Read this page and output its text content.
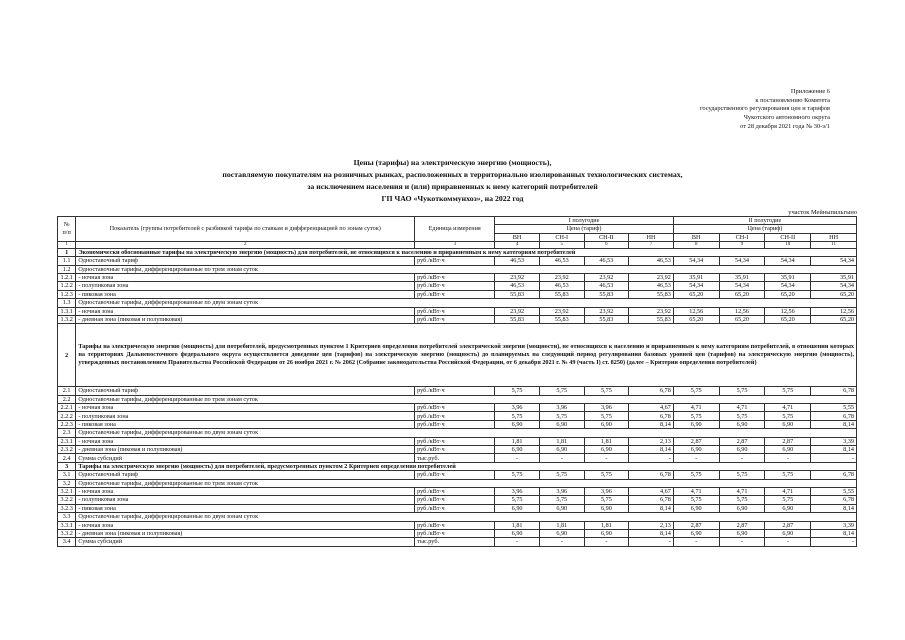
Приложение 6
к постановлению Комитета
государственного регулирования цен и тарифов
Чукотского автономного округа
от 28 декабря 2021 года № 30-э/1
Цены (тарифы) на электрическую энергию (мощность),
поставляемую покупателям на розничных рынках, расположенных в территориально изолированных технологических системах,
за исключением населения и (или) приравненных к нему категорий потребителей
ГП ЧАО «Чукоткоммунхоз», на 2022 год
участок Мейныпильгыно
№
п/п	Показатель (группы потребителей с разбивкой тарифа по ставкам и дифференциацией по зонам суток)	Единица измерения	I полугодие				II полугодие			
			Цена (тариф)				Цена (тариф)			
			ВН	СН-I	СН-II	НН	ВН	СН-I	СН-II	НН
1	2	3	4	5	6	7	8	9	10	11
1	Экономически обоснованные тарифы на электрическую энергию (мощность) для потребителей, не относящихся к населению и приравненным к нему категориям потребителей									
1.1	Одноставочный тариф	руб./кВт·ч	46,53	46,53	46,53	46,53	54,34	54,34	54,34	54,34
1.2	Одноставочные тарифы, дифференцированные по трем зонам суток									
1.2.1	- ночная зона	руб./кВт·ч	23,92	23,92	23,92	23,92	35,91	35,91	35,91	35,91
1.2.2	- полупиковая зона	руб./кВт·ч	46,53	46,53	46,53	46,53	54,34	54,34	54,34	54,34
1.2.3	- пиковая зона	руб./кВт·ч	55,83	55,83	55,83	55,83	65,20	65,20	65,20	65,20
1.3	Одноставочные тарифы, дифференцированные по двум зонам суток									
1.3.1	- ночная зона	руб./кВт·ч	23,92	23,92	23,92	23,92	12,56	12,56	12,56	12,56
1.3.2	- дневная зона (пиковая и полупиковая)	руб./кВт·ч	55,83	55,83	55,83	55,83	65,20	65,20	65,20	65,20
2	Тарифы на электрическую энергию (мощность) для потребителей, предусмотренных пунктом 1 Критериев определения потребителей электрической энергии (мощности), не относящихся к населению и приравненным к нему категориям потребителей, в отношении которых на территориях Дальневосточного федерального округа осуществляется доведение цен (тарифов) на электрическую энергию (мощность) до планируемых на следующий период регулирования базовых уровней цен (тарифов) на электрическую энергию (мощность), утвержденных постановлением Правительства Российской Федерации от 26 ноября 2021 г. № 2062 (Собрание законодательства Российской Федерации, от 6 декабря 2021 г. № 49 (часть I) ст. 8250) (далее – Критерии определения потребителей)									
2.1	Одноставочный тариф	руб./кВт·ч	5,75	5,75	5,75	6,78	5,75	5,75	5,75	6,78
2.2	Одноставочные тарифы, дифференцированные по трем зонам суток									
2.2.1	- ночная зона	руб./кВт·ч	3,96	3,96	3,96	4,67	4,71	4,71	4,71	5,55
2.2.2	- полупиковая зона	руб./кВт·ч	5,75	5,75	5,75	6,78	5,75	5,75	5,75	6,78
2.2.3	- пиковая зона	руб./кВт·ч	6,90	6,90	6,90	8,14	6,90	6,90	6,90	8,14
2.3	Одноставочные тарифы, дифференцированные по двум зонам суток									
2.3.1	- ночная зона	руб./кВт·ч	1,81	1,81	1,81	2,13	2,87	2,87	2,87	3,39
2.3.2	- дневная зона (пиковая и полупиковая)	руб./кВт·ч	6,90	6,90	6,90	8,14	6,90	6,90	6,90	8,14
2.4	Сумма субсидий	тыс.руб.	-	-	-	-	-	-	-	-
3	Тарифы на электрическую энергию (мощность) для потребителей, предусмотренных пунктом 2 Критериев определения потребителей									
3.1	Одноставочный тариф	руб./кВт·ч	5,75	5,75	5,75	6,78	5,75	5,75	5,75	6,78
3.2	Одноставочные тарифы, дифференцированные по трем зонам суток									
3.2.1	- ночная зона	руб./кВт·ч	3,96	3,96	3,96	4,67	4,71	4,71	4,71	5,55
3.2.2	- полупиковая зона	руб./кВт·ч	5,75	5,75	5,75	6,78	5,75	5,75	5,75	6,78
3.2.3	- пиковая зона	руб./кВт·ч	6,90	6,90	6,90	8,14	6,90	6,90	6,90	8,14
3.3	Одноставочные тарифы, дифференцированные по двум зонам суток									
3.3.1	- ночная зона	руб./кВт·ч	1,81	1,81	1,81	2,13	2,87	2,87	2,87	3,39
3.3.2	- дневная зона (пиковая и полупиковая)	руб./кВт·ч	6,90	6,90	6,90	8,14	6,90	6,90	6,90	8,14
3.4	Сумма субсидий	тыс.руб.	-	-	-	-	-	-	-	-
